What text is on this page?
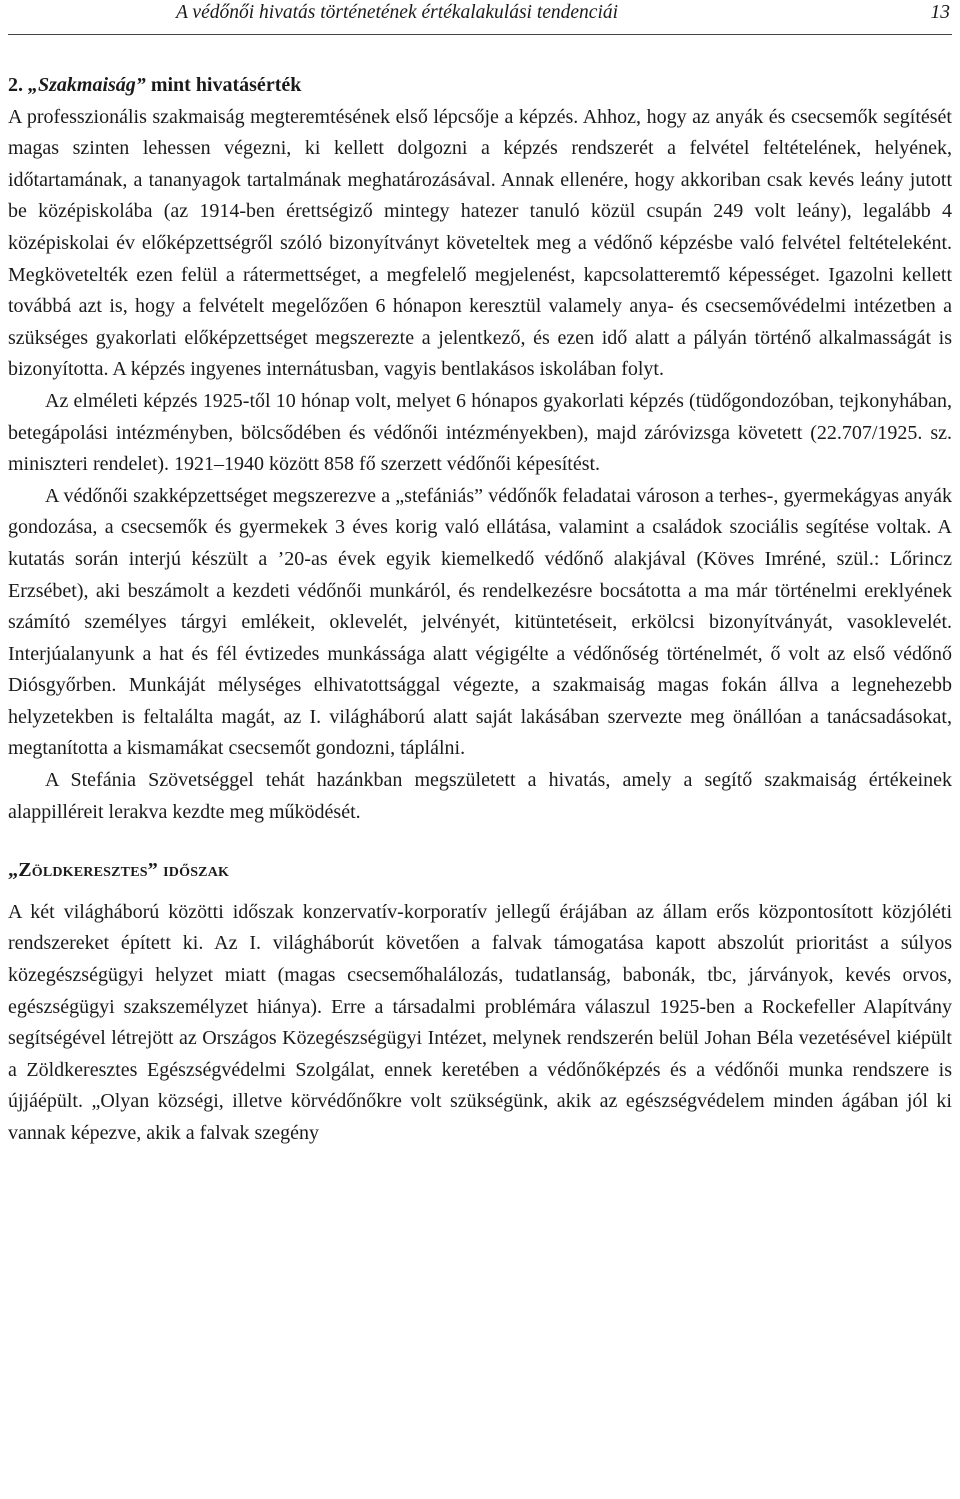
A védőnői hivatás történetének értékalakulási tendenciái	13
2. „Szakmaiság” mint hivatásérték

A professzionális szakmaiság megteremtésének első lépcsője a képzés. Ahhoz, hogy az anyák és csecsemők segítését magas szinten lehessen végezni, ki kellett dolgozni a képzés rendszerét a felvétel feltételének, helyének, időtartamának, a tananyagok tartalmának meghatározásával. Annak ellenére, hogy akkoriban csak kevés leány jutott be középiskolába (az 1914-ben érettségiző mintegy hatezer tanuló közül csupán 249 volt leány), legalább 4 középiskolai év előképzettségről szóló bizonyítványt követeltek meg a védőnő képzésbe való felvétel feltételeként. Megkövetelték ezen felül a rátermettséget, a megfelelő megjelenést, kapcsolatteremtő képességet. Igazolni kellett továbbá azt is, hogy a felvételt megelőzően 6 hónapon keresztül valamely anya- és csecsemővédelmi intézetben a szükséges gyakorlati előképzettséget megszerezte a jelentkező, és ezen idő alatt a pályán történő alkalmasságát is bizonyította. A képzés ingyenes internátusban, vagyis bentlakásos iskolában folyt.

Az elméleti képzés 1925-től 10 hónap volt, melyet 6 hónapos gyakorlati képzés (tüdőgondozóban, tejkonyhában, betegápolási intézményben, bölcsődében és védőnői intézményekben), majd záróvizsga követett (22.707/1925. sz. miniszteri rendelet). 1921‒1940 között 858 fő szerzett védőnői képesítést.

A védőnői szakképzettséget megszerezve a „stefániás” védőnők feladatai városon a terhes-, gyermekágyas anyák gondozása, a csecsemők és gyermekek 3 éves korig való ellátása, valamint a családok szociális segítése voltak. A kutatás során interjú készült a ’20-as évek egyik kiemelkedő védőnő alakjával (Köves Imréné, szül.: Lőrincz Erzsébet), aki beszámolt a kezdeti védőnői munkáról, és rendelkezésre bocsátotta a ma már történelmi ereklyének számító személyes tárgyi emlékeit, oklevelét, jelvényét, kitüntetéseit, erkölcsi bizonyítványát, vasoklevelét. Interjúalanyunk a hat és fél évtizedes munkássága alatt végigélte a védőnőség történelmét, ő volt az első védőnő Diósgyőrben. Munkáját mélységes elhivatottsággal végezte, a szakmaiság magas fokán állva a legnehezebb helyzetekben is feltalálta magát, az I. világháború alatt saját lakásában szervezte meg önállóan a tanácsadásokat, megtanította a kismamákat csecsemőt gondozni, táplálni.

A Stefánia Szövetséggel tehát hazánkban megszületett a hivatás, amely a segítő szakmaiság értékeinek alappilléreit lerakva kezdte meg működését.

„Zöldkeresztes” időszak

A két világháború közötti időszak konzervatív-korporatív jellegű érájában az állam erős központosított közjóléti rendszereket épített ki. Az I. világháborút követően a falvak támogatása kapott abszolút prioritást a súlyos közegészségügyi helyzet miatt (magas csecsemőhalálozás, tudatlanság, babonák, tbc, járványok, kevés orvos, egészségügyi szakszemélyzet hiánya). Erre a társadalmi problémára válaszul 1925-ben a Rockefeller Alapítvány segítségével létrejött az Országos Közegészségügyi Intézet, melynek rendszerén belül Johan Béla vezetésével kiépült a Zöldkeresztes Egészségvédelmi Szolgálat, ennek keretében a védőnőképzés és a védőnői munka rendszere is újjáépült. „Olyan községi, illetve körvédőnőkre volt szükségünk, akik az egészségvédelem minden ágában jól ki vannak képezve, akik a falvak szegény
